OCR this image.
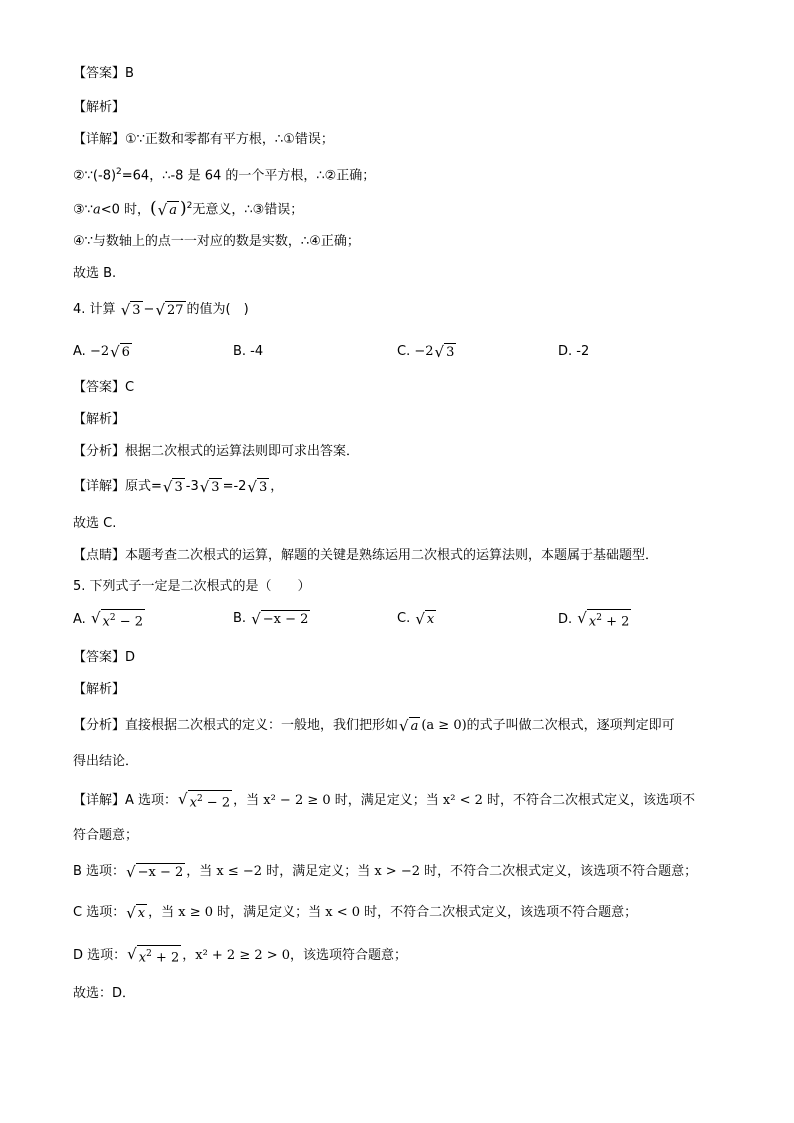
【答案】B
【解析】
【详解】①∵正数和零都有平方根，∴①错误；
$②\because(-8)^2=64$，∴-8 是 64 的一个平方根，∴②正确；
③∵a<0 时，( √ a )$^2$无意义，∴③错误；
④∵与数轴上的点一一对应的数是实数，∴④正确；
故选 B.
4. 计算 √ 3 − √ 27 的值为(　)
A. −2 √ 6	B. -4	C. −2 √ 3	D. -2
【答案】C
【解析】
【分析】根据二次根式的运算法则即可求出答案．
【详解】原式= √ 3 -3 √ 3 =-2 √ 3 ，
故选 C.
【点睛】本题考查二次根式的运算，解题的关键是熟练运用二次根式的运算法则，本题属于基础题型．
5. 下列式子一定是二次根式的是（　　）
A. √ $x^2 - 2$	B. √ −x − 2	C. √ x	D. √ $x^2 + 2$
【答案】D
【解析】
【分析】直接根据二次根式的定义：一般地，我们把形如 √ a (a ≥ 0)的式子叫做二次根式，逐项判定即可
得出结论．
【详解】A 选项： √ $x^2 - 2$ ，当 x² − 2 ≥ 0 时，满足定义；当 x² < 2 时，不符合二次根式定义，该选项不
符合题意；
B 选项： √ −x − 2 ，当 x ≤ −2 时，满足定义；当 x > −2 时，不符合二次根式定义，该选项不符合题意；
C 选项： √ x ，当 x ≥ 0 时，满足定义；当 x < 0 时，不符合二次根式定义，该选项不符合题意；
D 选项： √ $x^2 + 2$ ，x² + 2 ≥ 2 > 0，该选项符合题意；
故选：D．
